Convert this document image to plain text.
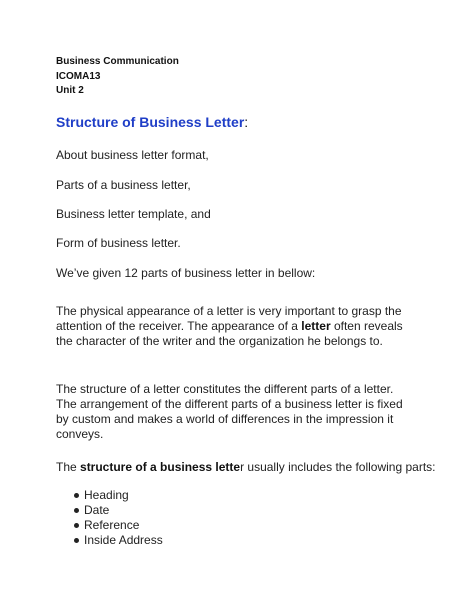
Business Communication
ICOMA13
Unit 2
Structure of Business Letter:
About business letter format,
Parts of a business letter,
Business letter template, and
Form of business letter.
We’ve given 12 parts of business letter in bellow:
The physical appearance of a letter is very important to grasp the attention of the receiver. The appearance of a letter often reveals the character of the writer and the organization he belongs to.
The structure of a letter constitutes the different parts of a letter. The arrangement of the different parts of a business letter is fixed by custom and makes a world of differences in the impression it conveys.
The structure of a business letter usually includes the following parts:
Heading
Date
Reference
Inside Address
